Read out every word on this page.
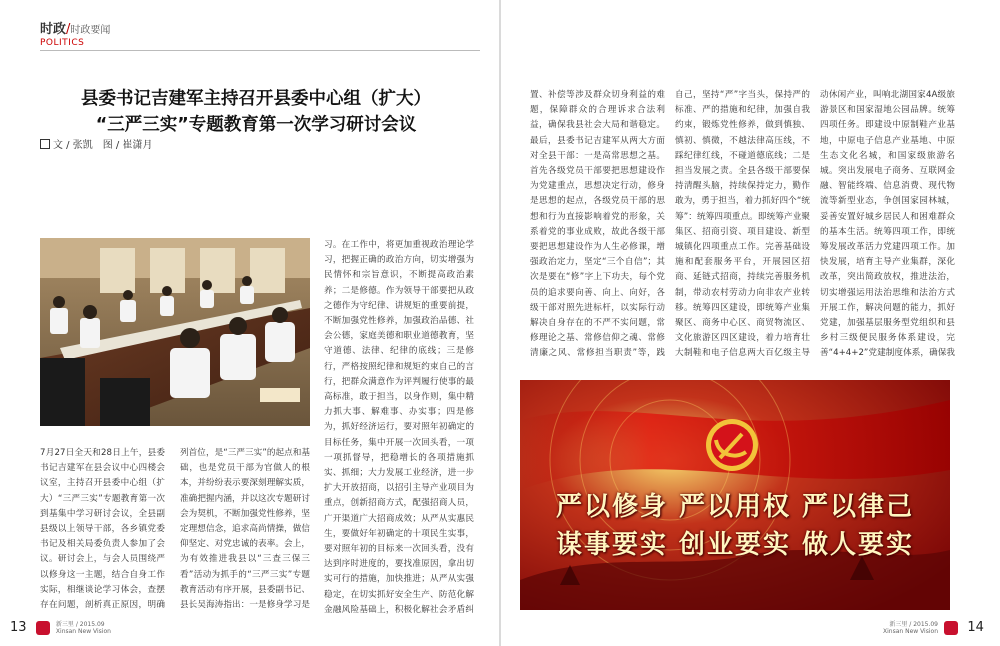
时政/时政要闻
POLITICS
县委书记吉建军主持召开县委中心组（扩大）
“三严三实”专题教育第一次学习研讨会议
文 / 张凯　图 / 崔潇月
7月27日全天和28日上午，县委书记吉建军在县会议中心四楼会议室，主持召开县委中心组（扩大）“三严三实”专题教育第一次到基集中学习研讨会议，全县副县级以上领导干部，各乡镇党委书记及相关局委负责人参加了会议。研讨会上，与会人员围绕严以修身这一主题，结合自身工作实际，相继谈论学习体会，查摆存在问题，剖析真正原因，明确
列首位，是“三严三实”的起点和基础，也是党员干部为官做人的根本，并纷纷表示要深刻理解实质，准确把握内涵，并以这次专题研讨会为契机，不断加强党性修养，坚定理想信念，追求高尚情操，做信仰坚定、对党忠诚的表率。会上，为有效推进我县以“三查三保三看”活动为抓手的“三严三实”专题教育活动有序开展，县委副书记、县长吴海涛指出：一是修身学习是
习。在工作中，将更加重视政治理论学习，把握正确的政治方向，切实增强为民情怀和宗旨意识，不断提高政治素养；二是修德。作为领导干部要把从政之德作为守纪律、讲规矩的重要前提，不断加强党性修养，加强政治品德、社会公德，家庭美德和职业道德教育，坚守道德、法律、纪律的底线；三是修行，严格按照纪律和规矩约束自己的言行，把群众满意作为评判履行使事的最高标准，敢于担当，以身作则，集中精力抓大事、解难事、办实事；四是修为，抓好经济运行，要对照年初确定的目标任务，集中开展一次回头看，一项一项抓督导，把稳增长的各项措施抓实、抓细；大力发展工业经济，进一步扩大开放招商，以招引主导产业项目为重点，创新招商方式，配强招商人员，广开渠道广大招商成效；从严从实惠民生，要做好年初确定的十项民生实事，要对照年初的目标来一次回头看，没有达到序时进度的，要找准原因，拿出切实可行的措施，加快推进；从严从实强稳定，在切实抓好安全生产、防范化解金融风险基础上，积极化解社会矛盾纠
置、补偿等涉及群众切身利益的难题，保障群众的合理诉求合法利益，确保我县社会大局和谐稳定。最后，县委书记吉建军从两大方面对全县干部：一是高常思想之基。首先各级党员干部要把思想建设作为党建重点，思想决定行动，修身是思想的起点，各级党员干部的思想和行为直接影响着党的形象，关系着党的事业成败，故此各级干部要把思想建设作为人生必修课，增强政治定力，坚定“三个自信”；其次是要在“修”字上下功夫，每个党员的追求要向善、向上、向好，各级干部对照先进标杆，以实际行动解决自身存在的不严不实问题，常修理论之基、常修信仰之魂、常修清廉之风、常修担当职责”等，践
自己，坚持“严”字当头，保持严的标准、严的措施和纪律，加强自我约束，锻炼党性修养，做到慎独、慎初、慎微，不越法律高压线，不踩纪律红线，不碰道德底线；二是担当发展之责。全县各级干部要保持清醒头脑，持续保持定力，勤作敢为，勇于担当，着力抓好四个“统筹”：统筹四项重点。即统筹产业聚集区、招商引资、项目建设、新型城镇化四项重点工作。完善基础设施和配套服务平台，开展园区招商、延链式招商，持续完善服务机制，带动农村劳动力向非农产业转移。统筹四区建设，即统筹产业集聚区、商务中心区、商贸物流区、文化旅游区四区建设，着力培育壮大制鞋和电子信息两大百亿级主导
动休闲产业，叫响北湖国家4A级旅游景区和国家湿地公园品牌。统筹四项任务。即建设中原制鞋产业基地，中原电子信息产业基地、中原生态文化名城，和国家级旅游名城。突出发展电子商务、互联网金融、智能终端、信息消费、现代物流等新型业态，争创国家园林城，妥善安置好城乡居民人和困难群众的基本生活。统筹四项工作，即统筹发展改革活力党建四项工作。加快发展，培育主导产业集群，深化改革，突出简政放权，推进法治，切实增强运用法治思维和法治方式开展工作，解决问题的能力，抓好党建，加强基层服务型党组织和县乡村三级便民服务体系建设，完善“4+4+2”党建制度体系，确保我
严以修身 严以用权 严以律己
谋事要实 创业要实 做人要实
13	新三里 / 2015.09
Xinsan New Vision
新三里 / 2015.09
Xinsan New Vision 14
